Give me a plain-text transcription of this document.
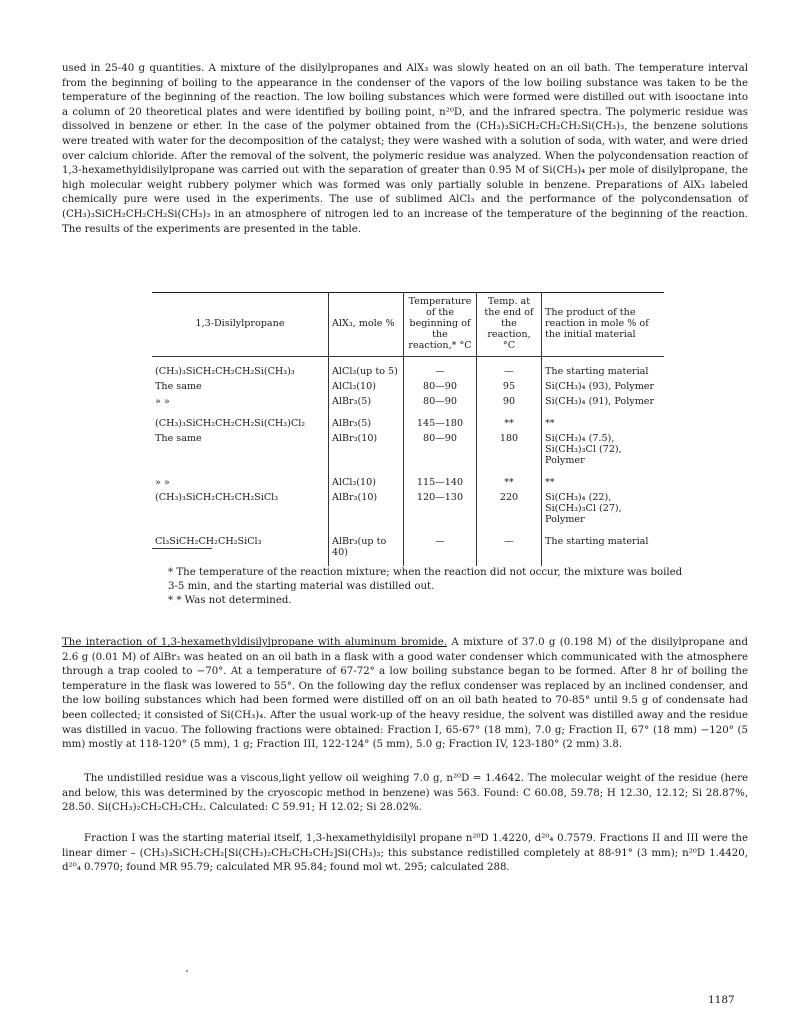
used in 25-40 g quantities. A mixture of the disilylpropanes and AlX₃ was slowly heated on an oil bath. The temperature interval from the beginning of boiling to the appearance in the condenser of the vapors of the low boiling substance was taken to be the temperature of the beginning of the reaction. The low boiling substances which were formed were distilled out with isooctane into a column of 20 theoretical plates and were identified by boiling point, n²⁰D, and the infrared spectra. The polymeric residue was dissolved in benzene or ether. In the case of the polymer obtained from the (CH₃)₃SiCH₂CH₂CH₂Si(CH₃)₃, the benzene solutions were treated with water for the decomposition of the catalyst; they were washed with a solution of soda, with water, and were dried over calcium chloride. After the removal of the solvent, the polymeric residue was analyzed. When the polycondensation reaction of 1,3-hexamethyldisilylpropane was carried out with the separation of greater than 0.95 M of Si(CH₃)₄ per mole of disilylpropane, the high molecular weight rubbery polymer which was formed was only partially soluble in benzene. Preparations of AlX₃ labeled chemically pure were used in the experiments. The use of sublimed AlCl₃ and the performance of the polycondensation of (CH₃)₃SiCH₂CH₂CH₂Si(CH₃)₃ in an atmosphere of nitrogen led to an increase of the temperature of the beginning of the reaction. The results of the experiments are presented in the table.

1,3-Disilylpropane	AlX₃, mole %	Temperature of the beginning of the reaction,* °C	Temp. at the end of the reaction, °C	The product of the reaction in mole % of the initial material
(CH₃)₃SiCH₂CH₂CH₂Si(CH₃)₃	AlCl₃(up to 5)	—	—	The starting material
The same	AlCl₃(10)	80—90	95	Si(CH₃)₄ (93), Polymer
» »	AlBr₃(5)	80—90	90	Si(CH₃)₄ (91), Polymer
(CH₃)₃SiCH₂CH₂CH₂Si(CH₃)Cl₂	AlBr₃(5)	145—180	**	**
The same	AlBr₃(10)	80—90	180	Si(CH₃)₄ (7.5), Si(CH₃)₃Cl (72), Polymer
» »	AlCl₃(10)	115—140	**	**
(CH₃)₃SiCH₂CH₂CH₂SiCl₃	AlBr₃(10)	120—130	220	Si(CH₃)₄ (22), Si(CH₃)₃Cl (27), Polymer
Cl₃SiCH₂CH₂CH₂SiCl₃	AlBr₃(up to 40)	—	—	The starting material
* The temperature of the reaction mixture; when the reaction did not occur, the mixture was boiled 3-5 min, and the starting material was distilled out.
* * Was not determined.

The interaction of 1,3-hexamethyldisilylpropane with aluminum bromide. A mixture of 37.0 g (0.198 M) of the disilylpropane and 2.6 g (0.01 M) of AlBr₃ was heated on an oil bath in a flask with a good water condenser which communicated with the atmosphere through a trap cooled to −70°. At a temperature of 67-72° a low boiling substance began to be formed. After 8 hr of boiling the temperature in the flask was lowered to 55°. On the following day the reflux condenser was replaced by an inclined condenser, and the low boiling substances which had been formed were distilled off on an oil bath heated to 70-85° until 9.5 g of condensate had been collected; it consisted of Si(CH₃)₄. After the usual work-up of the heavy residue, the solvent was distilled away and the residue was distilled in vacuo. The following fractions were obtained: Fraction I, 65-67° (18 mm), 7.0 g; Fraction II, 67° (18 mm) −120° (5 mm) mostly at 118-120° (5 mm), 1 g; Fraction III, 122-124° (5 mm), 5.0 g; Fraction IV, 123-180° (2 mm) 3.8.

The undistilled residue was a viscous,light yellow oil weighing 7.0 g, n²⁰D = 1.4642. The molecular weight of the residue (here and below, this was determined by the cryoscopic method in benzene) was 563. Found: C 60.08, 59.78; H 12.30, 12.12; Si 28.87%, 28.50. Si(CH₃)₂CH₂CH₂CH₂. Calculated: C 59.91; H 12.02; Si 28.02%.

Fraction I was the starting material itself, 1,3-hexamethyldisilyl propane n²⁰D 1.4220, d²⁰₄ 0.7579. Fractions II and III were the linear dimer – (CH₃)₃SiCH₂CH₂[Si(CH₃)₂CH₂CH₂CH₂]Si(CH₃)₃; this substance redistilled completely at 88-91° (3 mm); n²⁰D 1.4420, d²⁰₄ 0.7970; found MR 95.79; calculated MR 95.84; found mol wt. 295; calculated 288.

1187
